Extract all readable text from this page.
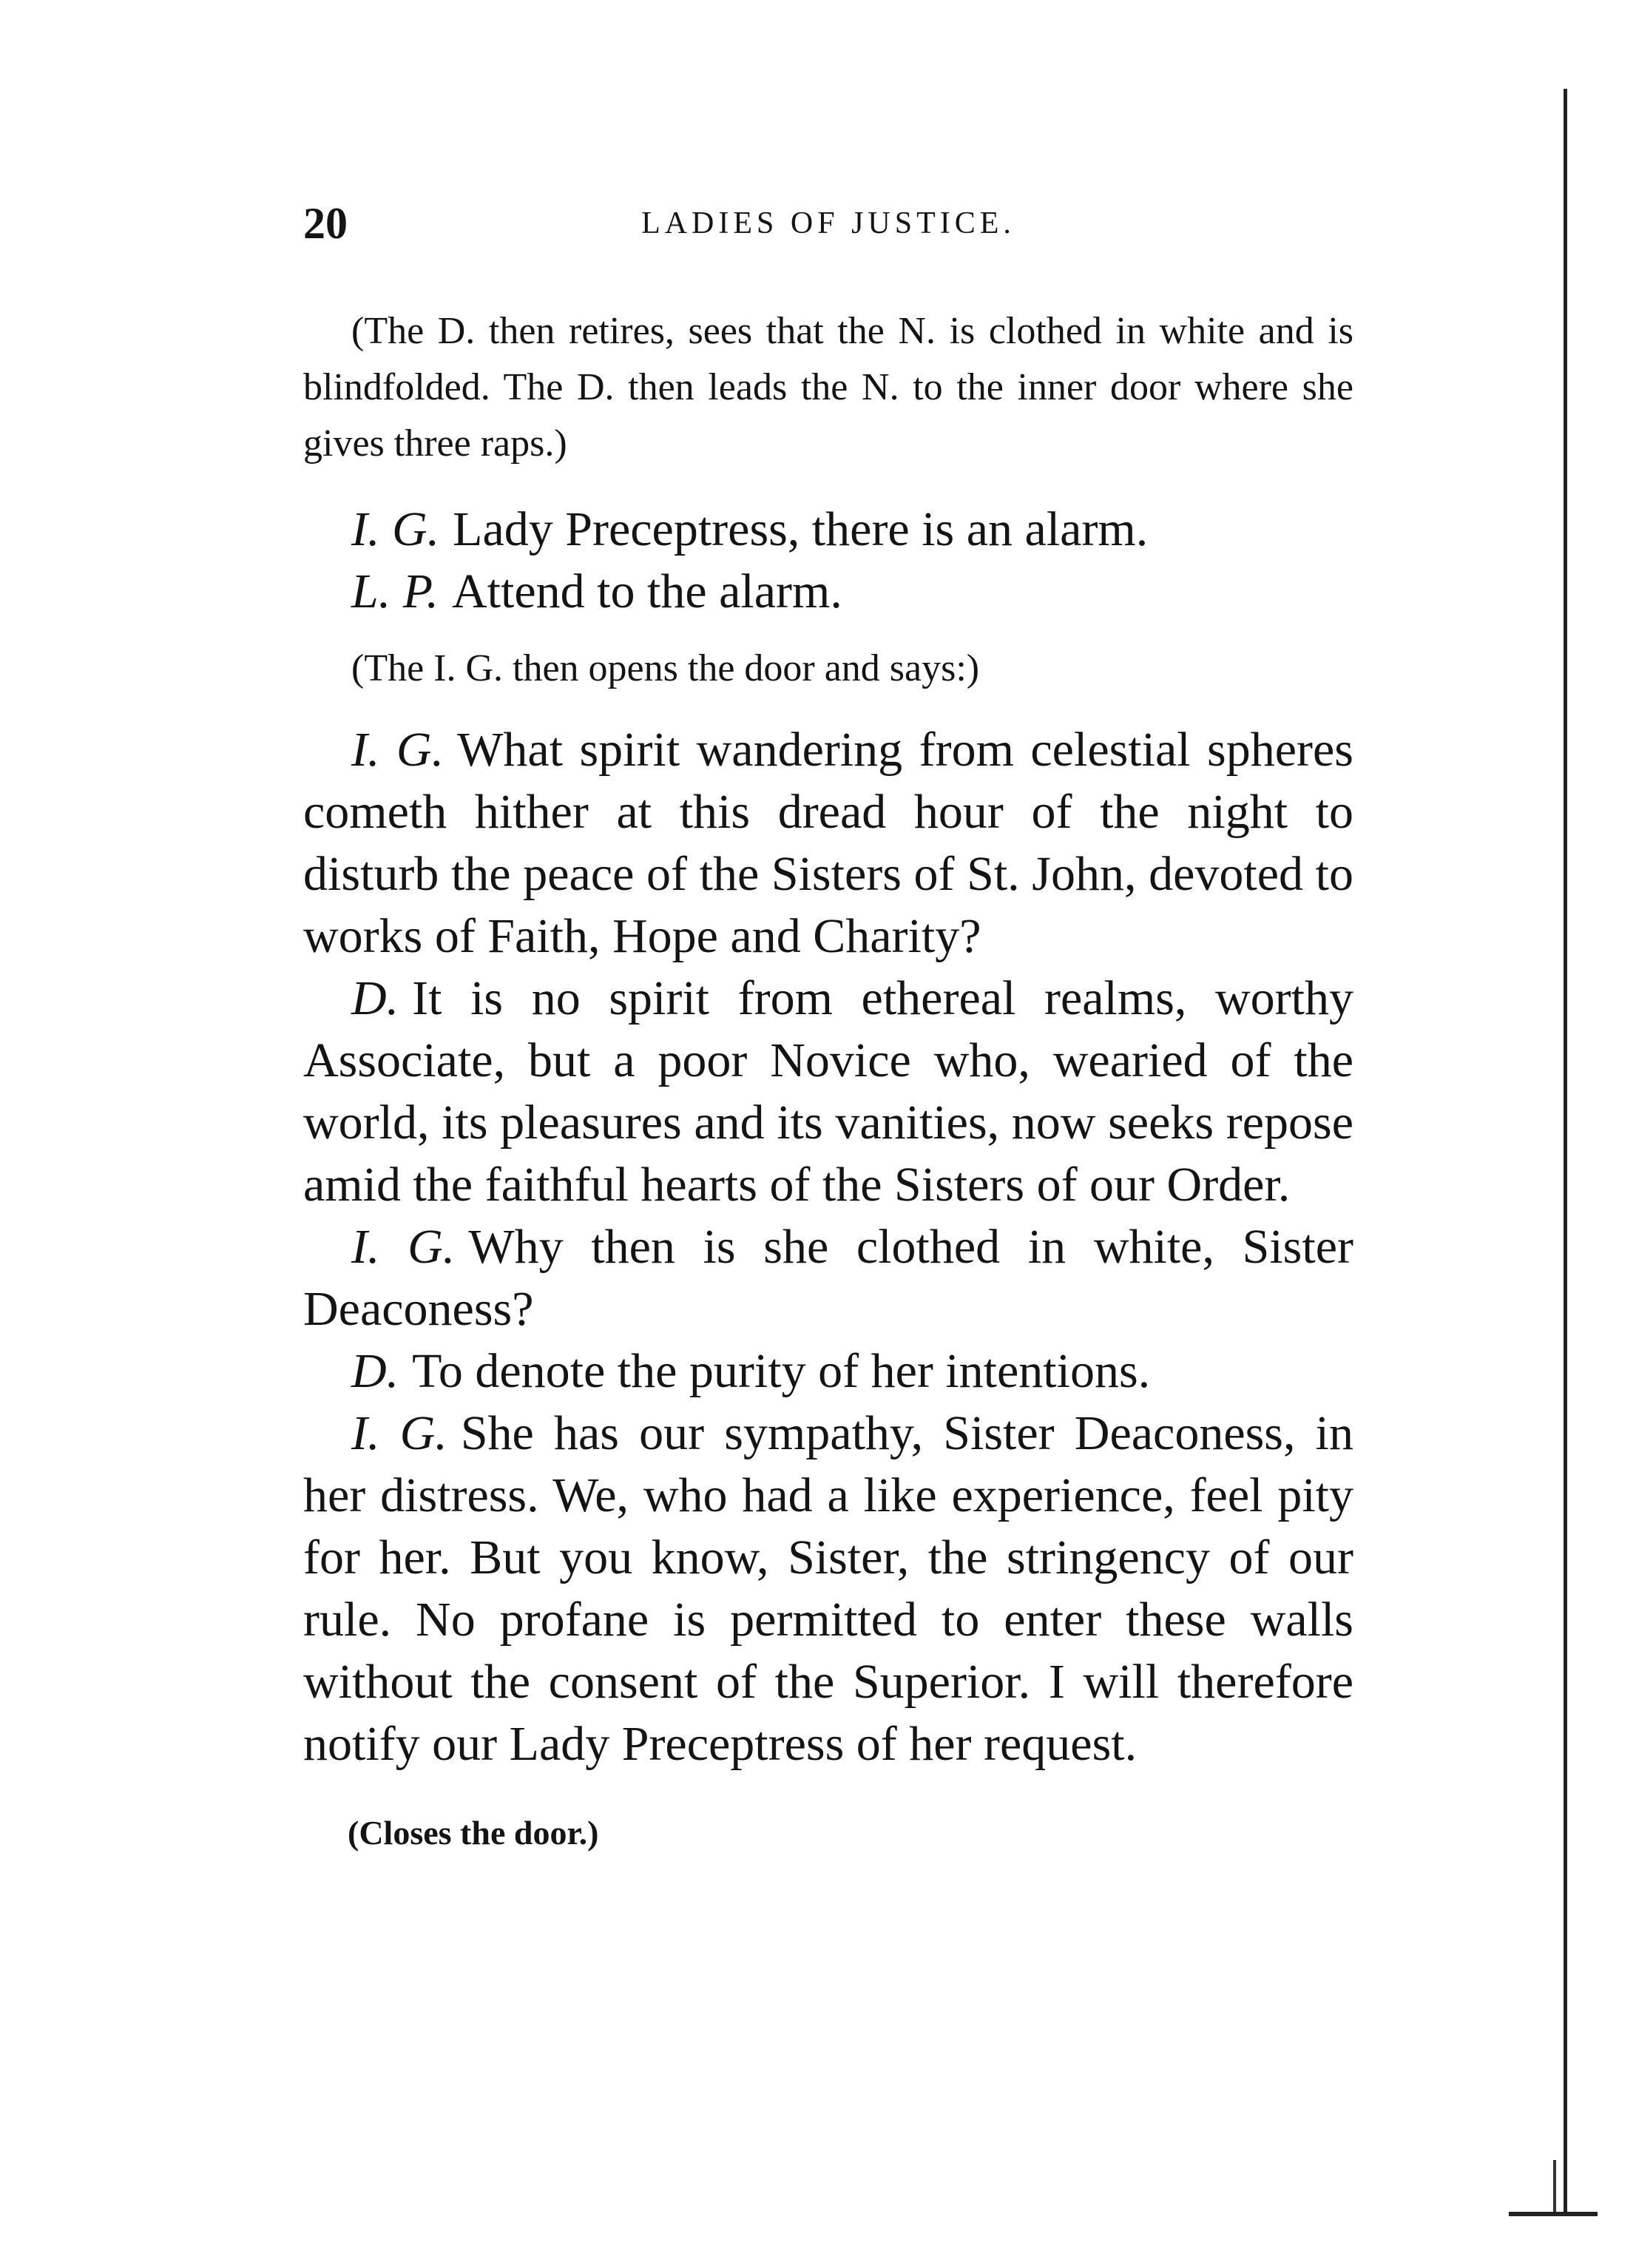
20	LADIES OF JUSTICE.

(The D. then retires, sees that the N. is clothed in white and is blindfolded. The D. then leads the N. to the inner door where she gives three raps.)

I. G. Lady Preceptress, there is an alarm.

L. P. Attend to the alarm.

(The I. G. then opens the door and says:)

I. G. What spirit wandering from celestial spheres cometh hither at this dread hour of the night to disturb the peace of the Sisters of St. John, devoted to works of Faith, Hope and Charity?

D. It is no spirit from ethereal realms, worthy Associate, but a poor Novice who, wearied of the world, its pleasures and its vanities, now seeks repose amid the faithful hearts of the Sisters of our Order.

I. G. Why then is she clothed in white, Sister Deaconess?

D. To denote the purity of her intentions.

I. G. She has our sympathy, Sister Deaconess, in her distress. We, who had a like experience, feel pity for her. But you know, Sister, the stringency of our rule. No profane is permitted to enter these walls without the consent of the Superior. I will therefore notify our Lady Preceptress of her request.

(Closes the door.)
